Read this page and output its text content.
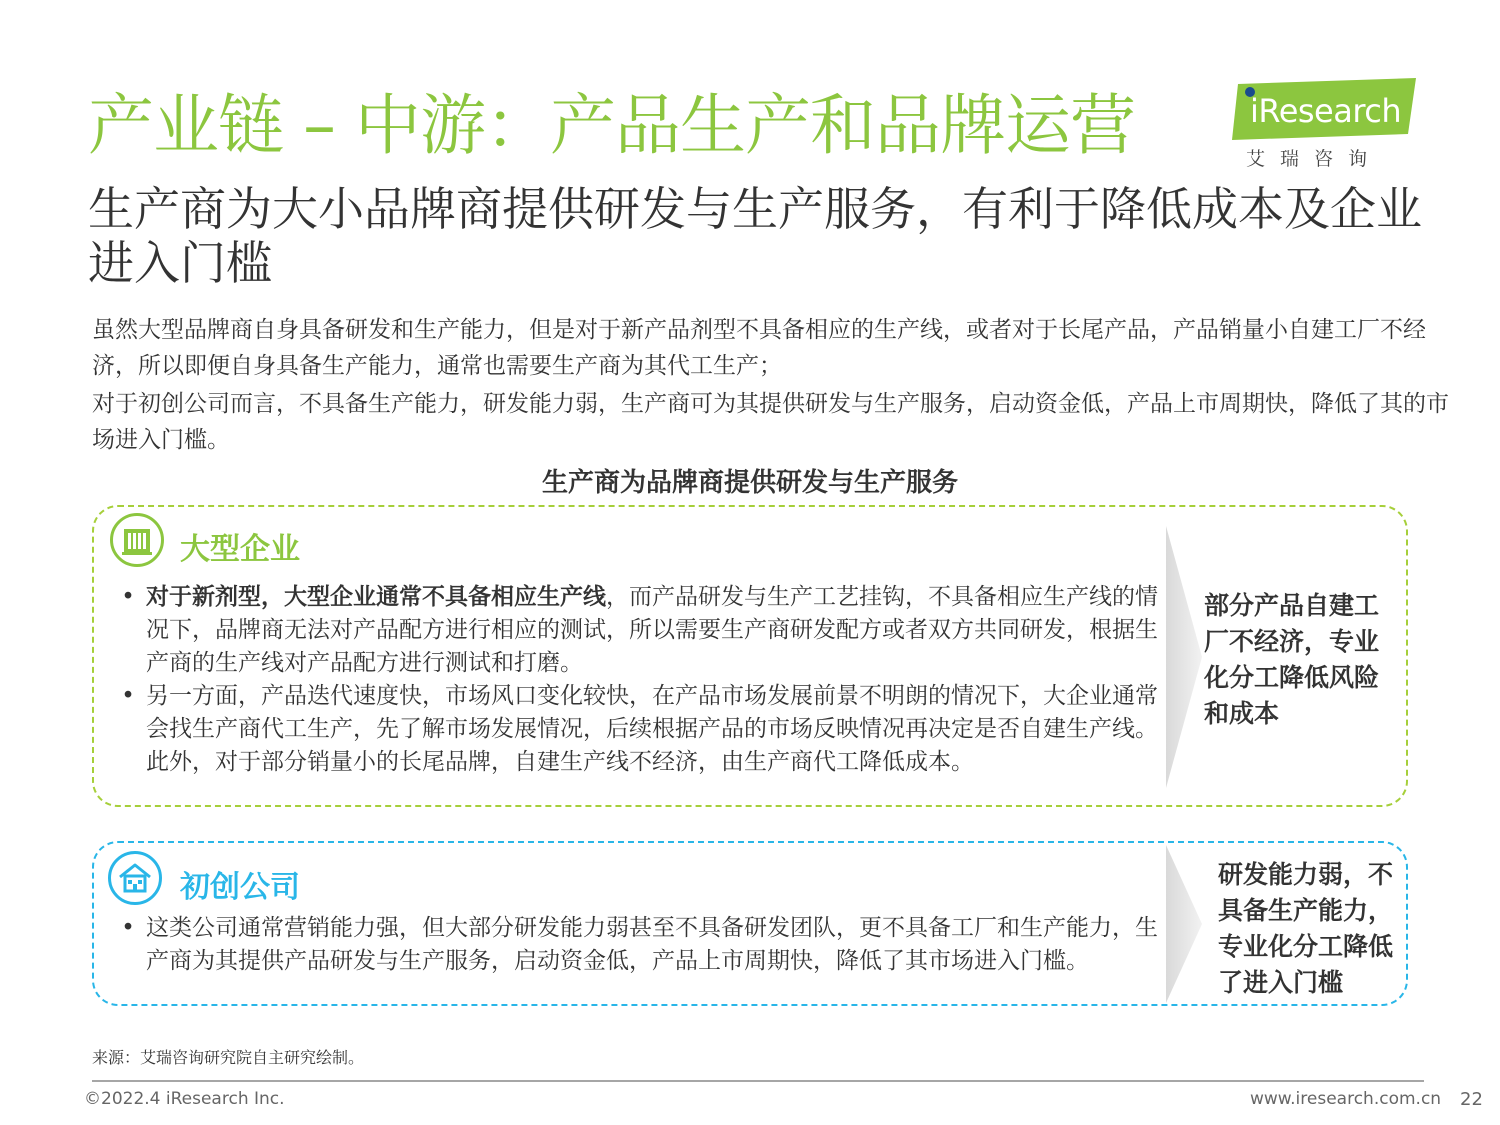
产业链 – 中游：产品生产和品牌运营	iResearch
艾瑞咨询
生产商为大小品牌商提供研发与生产服务，有利于降低成本及企业进入门槛
虽然大型品牌商自身具备研发和生产能力，但是对于新产品剂型不具备相应的生产线，或者对于长尾产品，产品销量小自建工厂不经济，所以即便自身具备生产能力，通常也需要生产商为其代工生产；
对于初创公司而言，不具备生产能力，研发能力弱，生产商可为其提供研发与生产服务，启动资金低，产品上市周期快，降低了其的市场进入门槛。
生产商为品牌商提供研发与生产服务
大型企业
• 对于新剂型，大型企业通常不具备相应生产线，而产品研发与生产工艺挂钩，不具备相应生产线的情况下，品牌商无法对产品配方进行相应的测试，所以需要生产商研发配方或者双方共同研发，根据生产商的生产线对产品配方进行测试和打磨。
• 另一方面，产品迭代速度快，市场风口变化较快，在产品市场发展前景不明朗的情况下，大企业通常会找生产商代工生产，先了解市场发展情况，后续根据产品的市场反映情况再决定是否自建生产线。此外，对于部分销量小的长尾品牌，自建生产线不经济，由生产商代工降低成本。
部分产品自建工厂不经济，专业化分工降低风险和成本
初创公司
• 这类公司通常营销能力强，但大部分研发能力弱甚至不具备研发团队，更不具备工厂和生产能力，生产商为其提供产品研发与生产服务，启动资金低，产品上市周期快，降低了其市场进入门槛。
研发能力弱，不具备生产能力，专业化分工降低了进入门槛
来源：艾瑞咨询研究院自主研究绘制。
©2022.4 iResearch Inc.	www.iresearch.com.cn 22
